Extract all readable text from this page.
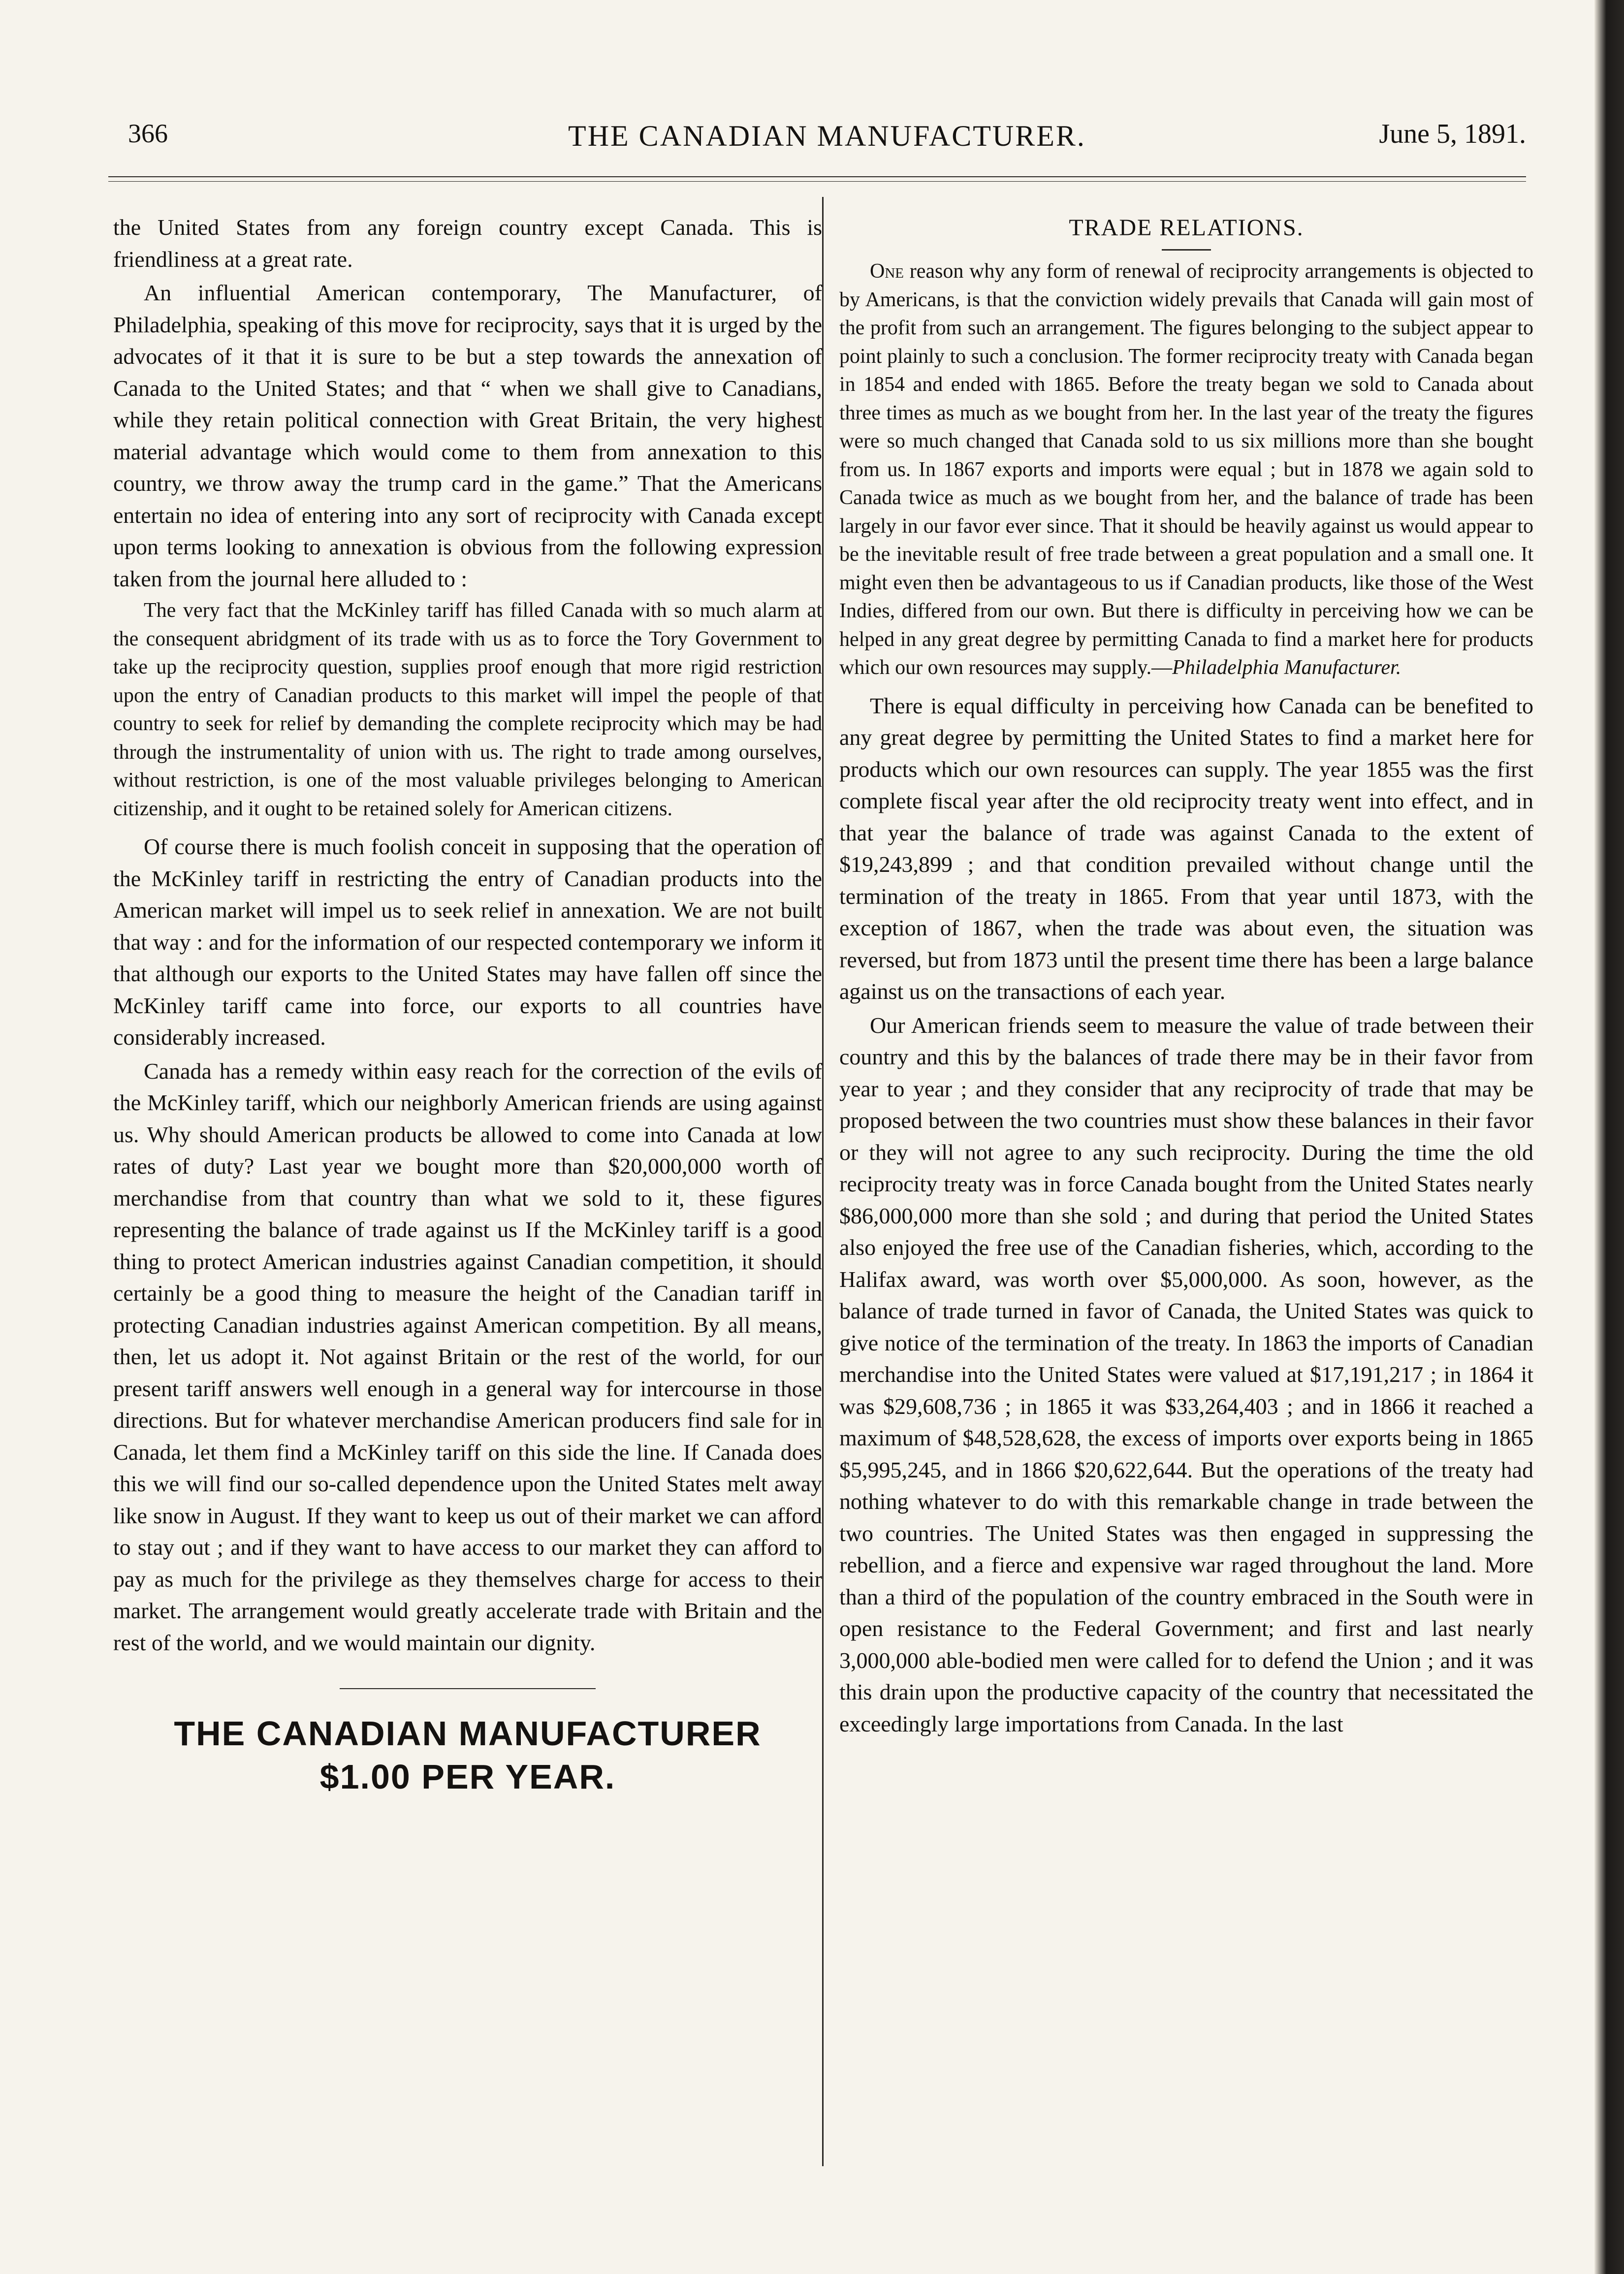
366	THE CANADIAN MANUFACTURER.	June 5, 1891.

the United States from any foreign country except Canada. This is friendliness at a great rate.

An influential American contemporary, The Manufacturer, of Philadelphia, speaking of this move for reciprocity, says that it is urged by the advocates of it that it is sure to be but a step towards the annexation of Canada to the United States; and that “ when we shall give to Canadians, while they retain political connection with Great Britain, the very highest material advantage which would come to them from annexation to this country, we throw away the trump card in the game.” That the Americans entertain no idea of entering into any sort of reciprocity with Canada except upon terms looking to annexation is obvious from the following expression taken from the journal here alluded to :

The very fact that the McKinley tariff has filled Canada with so much alarm at the consequent abridgment of its trade with us as to force the Tory Government to take up the reciprocity question, supplies proof enough that more rigid restriction upon the entry of Canadian products to this market will impel the people of that country to seek for relief by demanding the complete reciprocity which may be had through the instrumentality of union with us. The right to trade among ourselves, without restriction, is one of the most valuable privileges belonging to American citizenship, and it ought to be retained solely for American citizens.

Of course there is much foolish conceit in supposing that the operation of the McKinley tariff in restricting the entry of Canadian products into the American market will impel us to seek relief in annexation. We are not built that way : and for the information of our respected contemporary we inform it that although our exports to the United States may have fallen off since the McKinley tariff came into force, our exports to all countries have considerably increased.

Canada has a remedy within easy reach for the correction of the evils of the McKinley tariff, which our neighborly American friends are using against us. Why should American products be allowed to come into Canada at low rates of duty? Last year we bought more than $20,000,000 worth of merchandise from that country than what we sold to it, these figures representing the balance of trade against us If the McKinley tariff is a good thing to protect American industries against Canadian competition, it should certainly be a good thing to measure the height of the Canadian tariff in protecting Canadian industries against American competition. By all means, then, let us adopt it. Not against Britain or the rest of the world, for our present tariff answers well enough in a general way for intercourse in those directions. But for whatever merchandise American producers find sale for in Canada, let them find a McKinley tariff on this side the line. If Canada does this we will find our so-called dependence upon the United States melt away like snow in August. If they want to keep us out of their market we can afford to stay out ; and if they want to have access to our market they can afford to pay as much for the privilege as they themselves charge for access to their market. The arrangement would greatly accelerate trade with Britain and the rest of the world, and we would maintain our dignity.

THE CANADIAN MANUFACTURER
$1.00 PER YEAR.
TRADE RELATIONS.

One reason why any form of renewal of reciprocity arrangements is objected to by Americans, is that the conviction widely prevails that Canada will gain most of the profit from such an arrangement. The figures belonging to the subject appear to point plainly to such a conclusion. The former reciprocity treaty with Canada began in 1854 and ended with 1865. Before the treaty began we sold to Canada about three times as much as we bought from her. In the last year of the treaty the figures were so much changed that Canada sold to us six millions more than she bought from us. In 1867 exports and imports were equal ; but in 1878 we again sold to Canada twice as much as we bought from her, and the balance of trade has been largely in our favor ever since. That it should be heavily against us would appear to be the inevitable result of free trade between a great population and a small one. It might even then be advantageous to us if Canadian products, like those of the West Indies, differed from our own. But there is difficulty in perceiving how we can be helped in any great degree by permitting Canada to find a market here for products which our own resources may supply.—Philadelphia Manufacturer.

There is equal difficulty in perceiving how Canada can be benefited to any great degree by permitting the United States to find a market here for products which our own resources can supply. The year 1855 was the first complete fiscal year after the old reciprocity treaty went into effect, and in that year the balance of trade was against Canada to the extent of $19,243,899 ; and that condition prevailed without change until the termination of the treaty in 1865. From that year until 1873, with the exception of 1867, when the trade was about even, the situation was reversed, but from 1873 until the present time there has been a large balance against us on the transactions of each year.

Our American friends seem to measure the value of trade between their country and this by the balances of trade there may be in their favor from year to year ; and they consider that any reciprocity of trade that may be proposed between the two countries must show these balances in their favor or they will not agree to any such reciprocity. During the time the old reciprocity treaty was in force Canada bought from the United States nearly $86,000,000 more than she sold ; and during that period the United States also enjoyed the free use of the Canadian fisheries, which, according to the Halifax award, was worth over $5,000,000. As soon, however, as the balance of trade turned in favor of Canada, the United States was quick to give notice of the termination of the treaty. In 1863 the imports of Canadian merchandise into the United States were valued at $17,191,217 ; in 1864 it was $29,608,736 ; in 1865 it was $33,264,403 ; and in 1866 it reached a maximum of $48,528,628, the excess of imports over exports being in 1865 $5,995,245, and in 1866 $20,622,644. But the operations of the treaty had nothing whatever to do with this remarkable change in trade between the two countries. The United States was then engaged in suppressing the rebellion, and a fierce and expensive war raged throughout the land. More than a third of the population of the country embraced in the South were in open resistance to the Federal Government; and first and last nearly 3,000,000 able-bodied men were called for to defend the Union ; and it was this drain upon the productive capacity of the country that necessitated the exceedingly large importations from Canada. In the last
